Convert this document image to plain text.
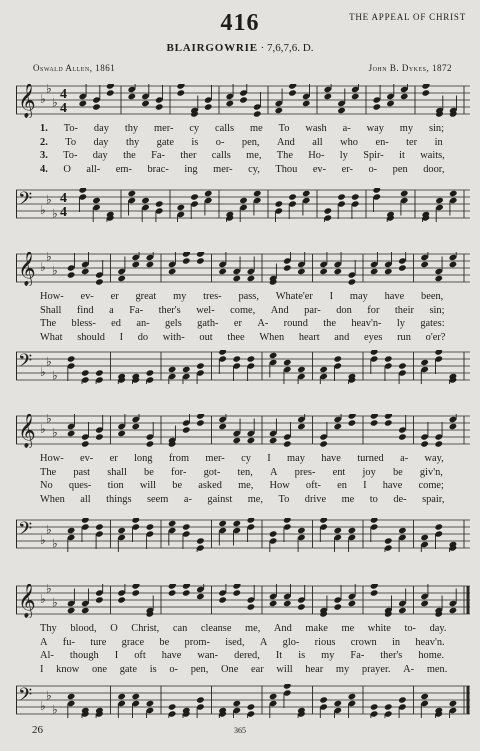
416	THE APPEAL OF CHRIST
BLAIRGOWRIE · 7,6,7,6. D.
Oswald Allen, 1861	John B. Dykes, 1872
𝄞 ♭
♭
♭
4
4
1.	To-	day	thy	mer-	cy	calls	me	To	wash	a-	way	my	sin;
2.	To	day	thy	gate	is	o-	pen,	And	all	who	en-	ter	in
3.	To-	day	the	Fa-	ther	calls	me,	The	Ho-	ly	Spir-	it	waits,
4.	O	all-	em-	brac-	ing	mer-	cy,	Thou	ev-	er-	o-	pen	door,
𝄢 ♭
♭
♭
4
4
𝄞 ♭
♭
♭
How-	ev-	er	great	my	tres-	pass,	Whate'er	I	may	have	been,
Shall	find	a	Fa-	ther's	wel-	come,	And	par-	don	for	their	sin;
The	bless-	ed	an-	gels	gath-	er	A-	round	the	heav'n-	ly	gates:
What	should	I	do	with-	out	thee	When	heart	and	eyes	run	o'er?
𝄢 ♭
♭
♭
𝄞 ♭
♭
♭
How-	ev-	er	long	from	mer-	cy	I	may	have	turned	a-	way,
The	past	shall	be	for-	got-	ten,	A	pres-	ent	joy	be	giv'n,
No	ques-	tion	will	be	asked	me,	How	oft-	en	I	have	come;
When	all	things	seem	a-	gainst	me,	To	drive	me	to	de-	spair,
𝄢 ♭
♭
♭
𝄞 ♭
♭
♭
Thy	blood,	O	Christ,	can	cleanse	me,	And	make	me	white	to-	day.
A	fu-	ture	grace	be	prom-	ised,	A	glo-	rious	crown	in	heav'n.
Al-	though	I	oft	have	wan-	dered,	It	is	my	Fa-	ther's	home.
I	know	one	gate	is	o-	pen,	One	ear	will	hear	my	prayer.	A-	men.
𝄢 ♭
♭
♭
26	365
